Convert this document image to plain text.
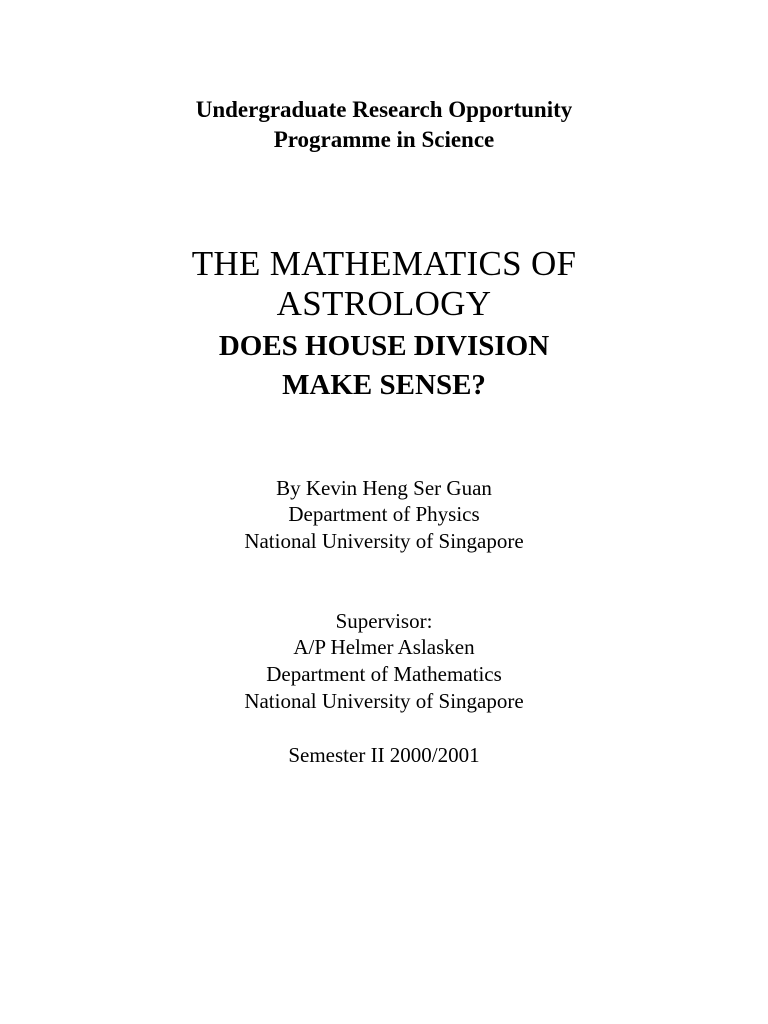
Undergraduate Research Opportunity
Programme in Science
THE MATHEMATICS OF
ASTROLOGY
DOES HOUSE DIVISION
MAKE SENSE?
By Kevin Heng Ser Guan
Department of Physics
National University of Singapore
Supervisor:
A/P Helmer Aslasken
Department of Mathematics
National University of Singapore
Semester II 2000/2001
